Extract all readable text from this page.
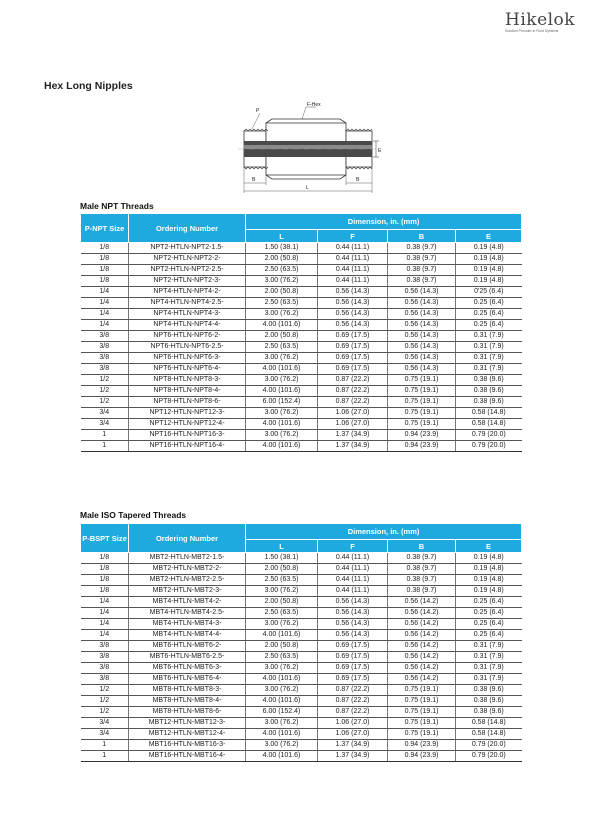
Hikelok
Solution Provider in Fluid Systems
Hex Long Nipples
E
P
F-Hex
B	B
L
Male NPT Threads
P-NPT Size	Ordering Number	Dimension, in. (mm)			
		L	F	B	E
1/8	NPT2-HTLN-NPT2-1.5-	1.50 (38.1)	0.44 (11.1)	0.38 (9.7)	0.19 (4.8)
1/8	NPT2-HTLN-NPT2-2-	2.00 (50.8)	0.44 (11.1)	0.38 (9.7)	0.19 (4.8)
1/8	NPT2-HTLN-NPT2-2.5-	2.50 (63.5)	0.44 (11.1)	0.38 (9.7)	0.19 (4.8)
1/8	NPT2-HTLN-NPT2-3-	3.00 (76.2)	0.44 (11.1)	0.38 (9.7)	0.19 (4.8)
1/4	NPT4-HTLN-NPT4-2-	2.00 (50.8)	0.56 (14.3)	0.56 (14.3)	0'25 (6.4)
1/4	NPT4-HTLN-NPT4-2.5-	2.50 (63.5)	0.56 (14.3)	0.56 (14.3)	0.25 (6.4)
1/4	NPT4-HTLN-NPT4-3-	3.00 (76.2)	0.56 (14.3)	0.56 (14.3)	0.25 (6.4)
1/4	NPT4-HTLN-NPT4-4-	4.00 (101.6)	0.56 (14.3)	0.56 (14.3)	0.25 (6.4)
3/8	NPT6-HTLN-NPT6-2-	2.00 (50.8)	0.69 (17.5)	0.56 (14.3)	0.31 (7.9)
3/8	NPT6-HTLN-NPT6-2.5-	2.50 (63.5)	0.69 (17.5)	0.56 (14.3)	0.31 (7.9)
3/8	NPT6-HTLN-NPT6-3-	3.00 (76.2)	0.69 (17.5)	0.56 (14.3)	0.31 (7.9)
3/8	NPT6-HTLN-NPT6-4-	4.00 (101.6)	0.69 (17.5)	0.56 (14.3)	0.31 (7.9)
1/2	NPT8-HTLN-NPT8-3-	3.00 (76.2)	0.87 (22.2)	0.75 (19.1)	0.38 (9.6)
1/2	NPT8-HTLN-NPT8-4-	4.00 (101.6)	0.87 (22.2)	0.75 (19.1)	0.38 (9.6)
1/2	NPT8-HTLN-NPT8-6-	6.00 (152.4)	0.87 (22.2)	0.75 (19.1)	0.38 (9.6)
3/4	NPT12-HTLN-NPT12-3-	3.00 (76.2)	1.06 (27.0)	0.75 (19.1)	0.58 (14.8)
3/4	NPT12-HTLN-NPT12-4-	4.00 (101.6)	1.06 (27.0)	0.75 (19.1)	0.58 (14.8)
1	NPT16-HTLN-NPT16-3-	3.00 (76.2)	1.37 (34.9)	0.94 (23.9)	0.79 (20.0)
1	NPT16-HTLN-NPT16-4-	4.00 (101.6)	1.37 (34.9)	0.94 (23.9)	0.79 (20.0)
Male ISO Tapered Threads
P-BSPT Size	Ordering Number	Dimension, in. (mm)			
		L	F	B	E
1/8	MBT2-HTLN-MBT2-1.5-	1.50 (38.1)	0.44 (11.1)	0.38 (9.7)	0.19 (4.8)
1/8	MBT2-HTLN-MBT2-2-	2.00 (50.8)	0.44 (11.1)	0.38 (9.7)	0.19 (4.8)
1/8	MBT2-HTLN-MBT2-2.5-	2.50 (63.5)	0.44 (11.1)	0.38 (9.7)	0.19 (4.8)
1/8	MBT2-HTLN-MBT2-3-	3.00 (76.2)	0.44 (11.1)	0.38 (9.7)	0.19 (4.8)
1/4	MBT4-HTLN-MBT4-2-	2.00 (50.8)	0.56 (14.3)	0.56 (14.2)	0.25 (6.4)
1/4	MBT4-HTLN-MBT4-2.5-	2.50 (63.5)	0.56 (14.3)	0.56 (14.2)	0.25 (6.4)
1/4	MBT4-HTLN-MBT4-3-	3.00 (76.2)	0.56 (14.3)	0.56 (14.2)	0.25 (6.4)
1/4	MBT4-HTLN-MBT4-4-	4.00 (101.6)	0.56 (14.3)	0.56 (14.2)	0.25 (6.4)
3/8	MBT6-HTLN-MBT6-2-	2.00 (50.8)	0.69 (17.5)	0.56 (14.2)	0.31 (7.9)
3/8	MBT6-HTLN-MBT6-2.5-	2.50 (63.5)	0.69 (17.5)	0.56 (14.2)	0.31 (7.9)
3/8	MBT6-HTLN-MBT6-3-	3.00 (76.2)	0.69 (17.5)	0.56 (14.2)	0.31 (7.9)
3/8	MBT6-HTLN-MBT6-4-	4.00 (101.6)	0.69 (17.5)	0.56 (14.2)	0.31 (7.9)
1/2	MBT8-HTLN-MBT8-3-	3.00 (76.2)	0.87 (22.2)	0.75 (19.1)	0.38 (9.6)
1/2	MBT8-HTLN-MBT8-4-	4.00 (101.6)	0.87 (22.2)	0.75 (19.1)	0.38 (9.6)
1/2	MBT8-HTLN-MBT8-6-	6.00 (152.4)	0.87 (22.2)	0.75 (19.1)	0.38 (9.6)
3/4	MBT12-HTLN-MBT12-3-	3.00 (76.2)	1.06 (27.0)	0.75 (19.1)	0.58 (14.8)
3/4	MBT12-HTLN-MBT12-4-	4.00 (101.6)	1.06 (27.0)	0.75 (19.1)	0.58 (14.8)
1	MBT16-HTLN-MBT16-3-	3.00 (76.2)	1.37 (34.9)	0.94 (23.9)	0.79 (20.0)
1	MBT16-HTLN-MBT16-4-	4.00 (101.6)	1.37 (34.9)	0.94 (23.9)	0.79 (20.0)
